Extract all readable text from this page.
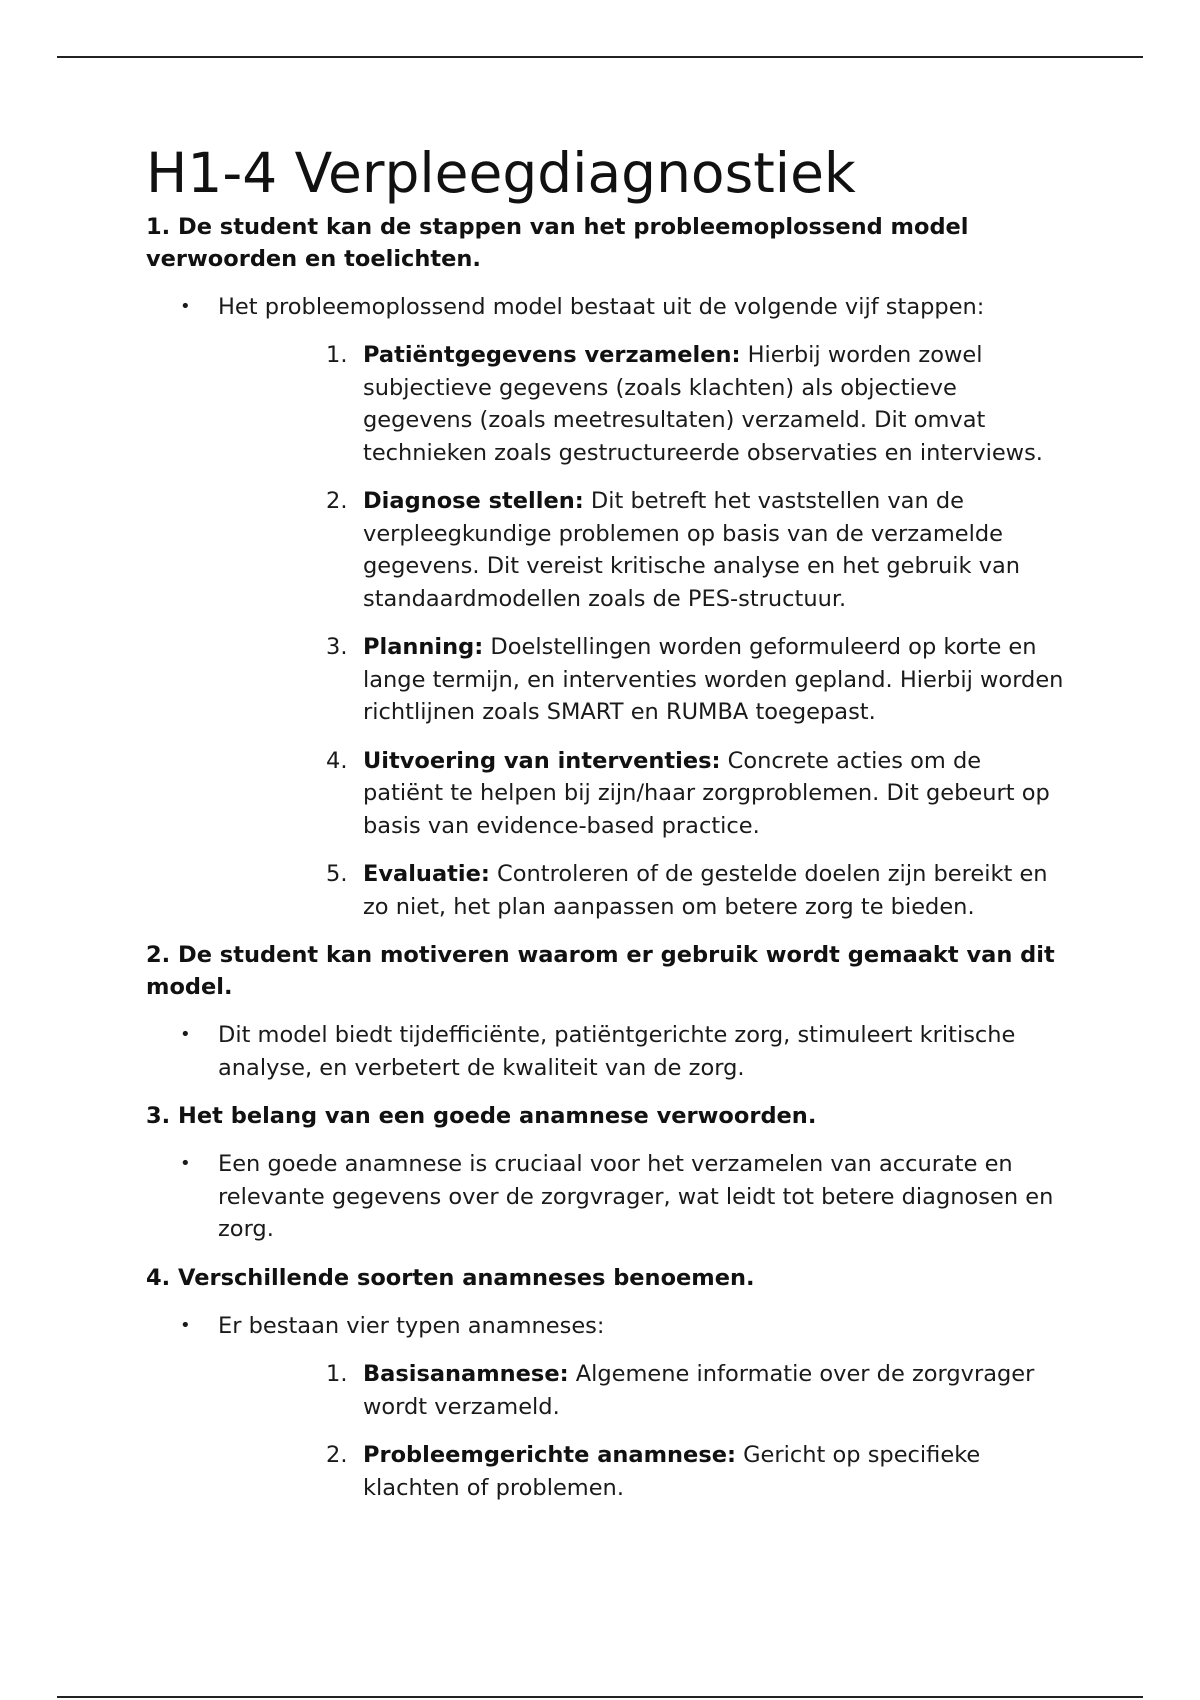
H1-4 Verpleegdiagnostiek
1. De student kan de stappen van het probleemoplossend model verwoorden en toelichten.
• Het probleemoplossend model bestaat uit de volgende vijf stappen:
1. Patiëntgegevens verzamelen: Hierbij worden zowel subjectieve gegevens (zoals klachten) als objectieve gegevens (zoals meetresultaten) verzameld. Dit omvat technieken zoals gestructureerde observaties en interviews.
2. Diagnose stellen: Dit betreft het vaststellen van de verpleegkundige problemen op basis van de verzamelde gegevens. Dit vereist kritische analyse en het gebruik van standaardmodellen zoals de PES-structuur.
3. Planning: Doelstellingen worden geformuleerd op korte en lange termijn, en interventies worden gepland. Hierbij worden richtlijnen zoals SMART en RUMBA toegepast.
4. Uitvoering van interventies: Concrete acties om de patiënt te helpen bij zijn/haar zorgproblemen. Dit gebeurt op basis van evidence-based practice.
5. Evaluatie: Controleren of de gestelde doelen zijn bereikt en zo niet, het plan aanpassen om betere zorg te bieden.
2. De student kan motiveren waarom er gebruik wordt gemaakt van dit model.
• Dit model biedt tijdefficiënte, patiëntgerichte zorg, stimuleert kritische analyse, en verbetert de kwaliteit van de zorg.
3. Het belang van een goede anamnese verwoorden.
• Een goede anamnese is cruciaal voor het verzamelen van accurate en relevante gegevens over de zorgvrager, wat leidt tot betere diagnosen en zorg.
4. Verschillende soorten anamneses benoemen.
• Er bestaan vier typen anamneses:
1. Basisanamnese: Algemene informatie over de zorgvrager wordt verzameld.
2. Probleemgerichte anamnese: Gericht op specifieke klachten of problemen.
